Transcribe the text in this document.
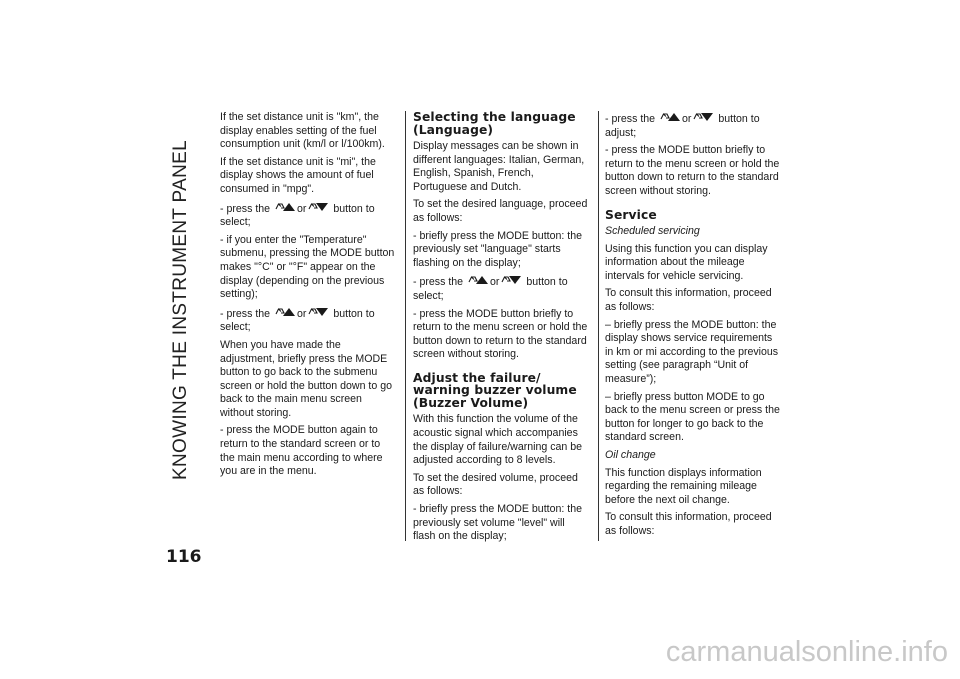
KNOWING THE INSTRUMENT PANEL

If the set distance unit is "km", the display enables setting of the fuel consumption unit (km/l or l/100km).

If the set distance unit is "mi", the display shows the amount of fuel consumed in "mpg".

- press the	or	button to select;

- if you enter the "Temperature" submenu, pressing the MODE button makes "°C" or "°F" appear on the display (depending on the previous setting);

- press the	or	button to select;

When you have made the adjustment, briefly press the MODE button to go back to the submenu screen or hold the button down to go back to the main menu screen without storing.

- press the MODE button again to return to the standard screen or to the main menu according to where you are in the menu.

Selecting the language
(Language)

Display messages can be shown in different languages: Italian, German, English, Spanish, French, Portuguese and Dutch.

To set the desired language, proceed as follows:

- briefly press the MODE button: the previously set "language" starts flashing on the display;

- press the	or	button to select;

- press the MODE button briefly to return to the menu screen or hold the button down to return to the standard screen without storing.

Adjust the failure/
warning buzzer volume
(Buzzer Volume)

With this function the volume of the acoustic signal which accompanies the display of failure/warning can be adjusted according to 8 levels.

To set the desired volume, proceed as follows:

- briefly press the MODE button: the previously set volume "level" will flash on the display;

- press the	or	button to adjust;

- press the MODE button briefly to return to the menu screen or hold the button down to return to the standard screen without storing.

Service

Scheduled servicing

Using this function you can display information about the mileage intervals for vehicle servicing.

To consult this information, proceed as follows:

– briefly press the MODE button: the display shows service requirements in km or mi according to the previous setting (see paragraph “Unit of measure”);

– briefly press button MODE to go back to the menu screen or press the button for longer to go back to the standard screen.

Oil change

This function displays information regarding the remaining mileage before the next oil change.

To consult this information, proceed as follows:

116
carmanualsonline.info
